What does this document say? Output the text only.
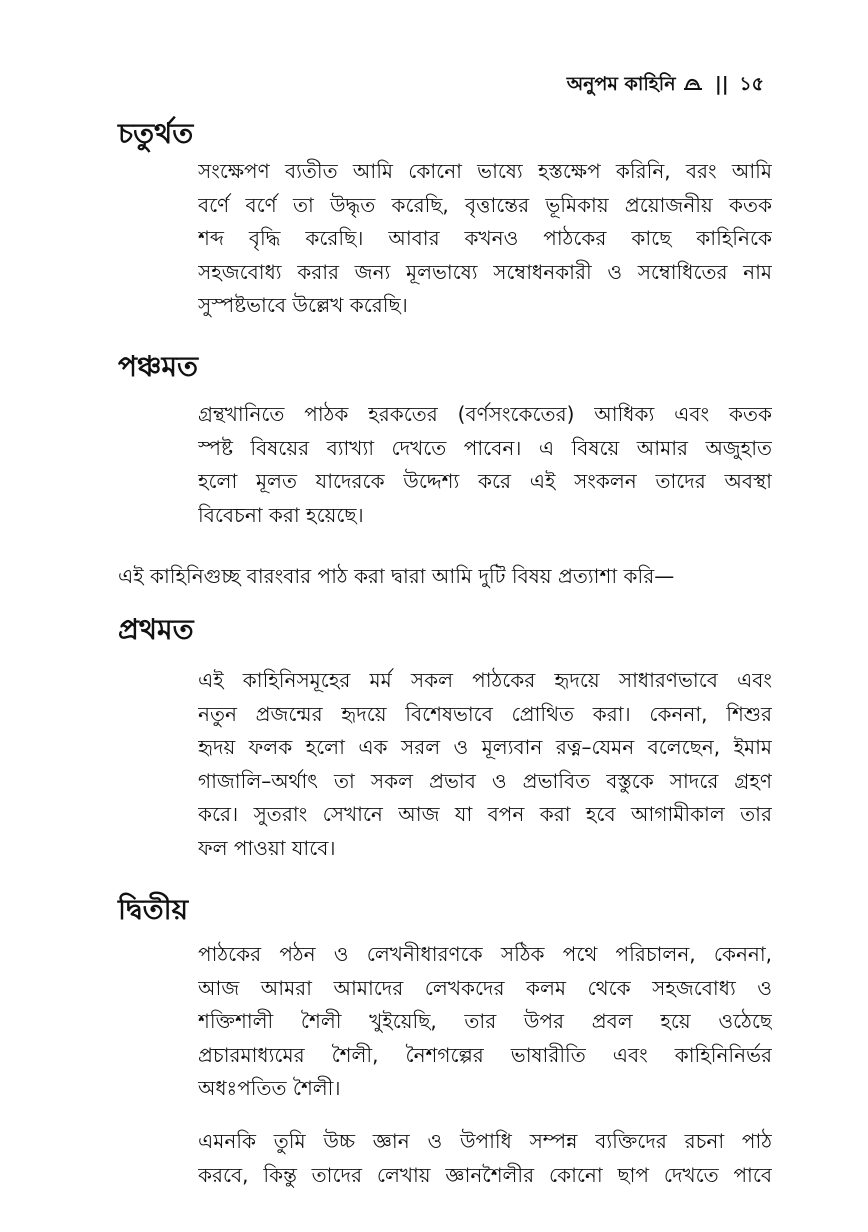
অনুপম কাহিনি || ১৫
চতুর্থত
সংক্ষেপণ ব্যতীত আমি কোনো ভাষ্যে হস্তক্ষেপ করিনি, বরং আমি
বর্ণে বর্ণে তা উদ্ধৃত করেছি, বৃত্তান্তের ভূমিকায় প্রয়োজনীয় কতক
শব্দ বৃদ্ধি করেছি। আবার কখনও পাঠকের কাছে কাহিনিকে
সহজবোধ্য করার জন্য মূলভাষ্যে সম্বোধনকারী ও সম্বোধিতের নাম
সুস্পষ্টভাবে উল্লেখ করেছি।
পঞ্চমত
গ্রন্থখানিতে পাঠক হরকতের (বর্ণসংকেতের) আধিক্য এবং কতক
স্পষ্ট বিষয়ের ব্যাখ্যা দেখতে পাবেন। এ বিষয়ে আমার অজুহাত
হলো মূলত যাদেরকে উদ্দেশ্য করে এই সংকলন তাদের অবস্থা
বিবেচনা করা হয়েছে।
এই কাহিনিগুচ্ছ বারংবার পাঠ করা দ্বারা আমি দুটি বিষয় প্রত্যাশা করি—
প্রথমত
এই কাহিনিসমূহের মর্ম সকল পাঠকের হৃদয়ে সাধারণভাবে এবং
নতুন প্রজন্মের হৃদয়ে বিশেষভাবে প্রোথিত করা। কেননা, শিশুর
হৃদয় ফলক হলো এক সরল ও মূল্যবান রত্ন–যেমন বলেছেন, ইমাম
গাজালি–অর্থাৎ তা সকল প্রভাব ও প্রভাবিত বস্তুকে সাদরে গ্রহণ
করে। সুতরাং সেখানে আজ যা বপন করা হবে আগামীকাল তার
ফল পাওয়া যাবে।
দ্বিতীয়
পাঠকের পঠন ও লেখনীধারণকে সঠিক পথে পরিচালন, কেননা,
আজ আমরা আমাদের লেখকদের কলম থেকে সহজবোধ্য ও
শক্তিশালী শৈলী খুইয়েছি, তার উপর প্রবল হয়ে ওঠেছে
প্রচারমাধ্যমের শৈলী, নৈশগল্পের ভাষারীতি এবং কাহিনিনির্ভর
অধঃপতিত শৈলী।
এমনকি তুমি উচ্চ জ্ঞান ও উপাধি সম্পন্ন ব্যক্তিদের রচনা পাঠ
করবে, কিন্তু তাদের লেখায় জ্ঞানশৈলীর কোনো ছাপ দেখতে পাবে
